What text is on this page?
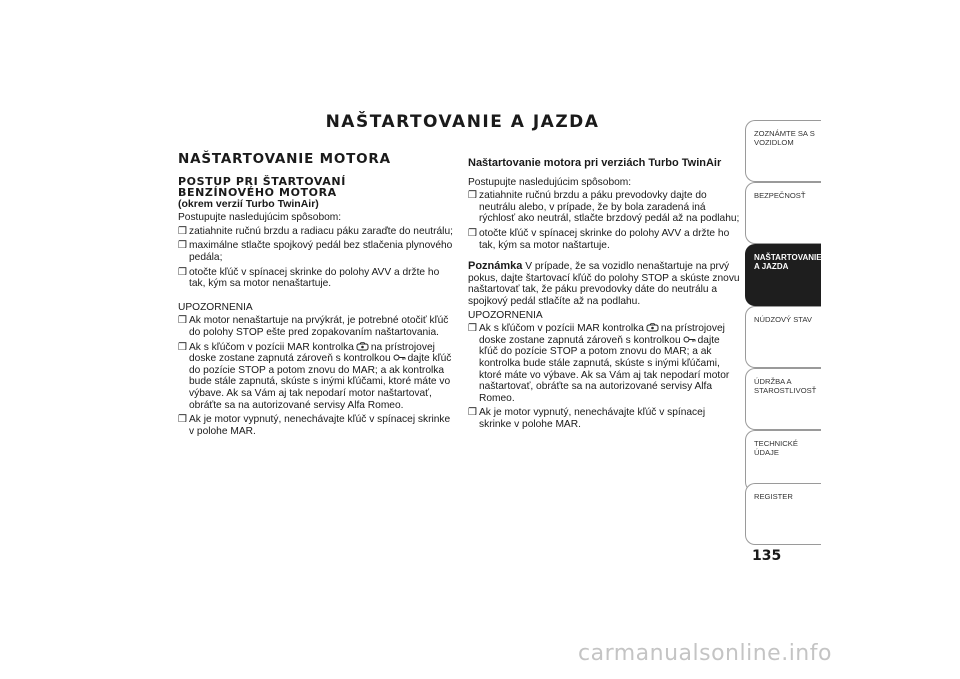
NAŠTARTOVANIE A JAZDA
NAŠTARTOVANIE MOTORA
POSTUP PRI ŠTARTOVANÍ
BENZÍNOVÉHO MOTORA
(okrem verzií Turbo TwinAir)

Postupujte nasledujúcim spôsobom:

❒ zatiahnite ručnú brzdu a radiacu páku zaraďte do neutrálu;
❒ maximálne stlačte spojkový pedál bez stlačenia plynového pedála;
❒ otočte kľúč v spínacej skrinke do polohy AVV a držte ho tak, kým sa motor nenaštartuje.

UPOZORNENIA

❒ Ak motor nenaštartuje na prvýkrát, je potrebné otočiť kľúč do polohy STOP ešte pred zopakovaním naštartovania.
❒ Ak s kľúčom v pozícii MAR kontrolka na prístrojovej doske zostane zapnutá zároveň s kontrolkou dajte kľúč do pozície STOP a potom znovu do MAR; a ak kontrolka bude stále zapnutá, skúste s inými kľúčami, ktoré máte vo výbave. Ak sa Vám aj tak nepodarí motor naštartovať, obráťte sa na autorizované servisy Alfa Romeo.
❒ Ak je motor vypnutý, nenechávajte kľúč v spínacej skrinke v polohe MAR.
Naštartovanie motora pri verziách Turbo TwinAir

Postupujte nasledujúcim spôsobom:

❒ zatiahnite ručnú brzdu a páku prevodovky dajte do neutrálu alebo, v prípade, že by bola zaradená iná rýchlosť ako neutrál, stlačte brzdový pedál až na podlahu;
❒ otočte kľúč v spínacej skrinke do polohy AVV a držte ho tak, kým sa motor naštartuje.

Poznámka V prípade, že sa vozidlo nenaštartuje na prvý pokus, dajte štartovací kľúč do polohy STOP a skúste znovu naštartovať tak, že páku prevodovky dáte do neutrálu a spojkový pedál stlačíte až na podlahu.

UPOZORNENIA

❒ Ak s kľúčom v pozícii MAR kontrolka na prístrojovej doske zostane zapnutá zároveň s kontrolkou dajte kľúč do pozície STOP a potom znovu do MAR; a ak kontrolka bude stále zapnutá, skúste s inými kľúčami, ktoré máte vo výbave. Ak sa Vám aj tak nepodarí motor naštartovať, obráťte sa na autorizované servisy Alfa Romeo.
❒ Ak je motor vypnutý, nenechávajte kľúč v spínacej skrinke v polohe MAR.
ZOZNÁMTE SA S VOZIDLOM
BEZPEČNOSŤ
NAŠTARTOVANIE A JAZDA
NÚDZOVÝ STAV
ÚDRŽBA A STAROSTLIVOSŤ
TECHNICKÉ ÚDAJE
REGISTER
135
carmanualsonline.info
